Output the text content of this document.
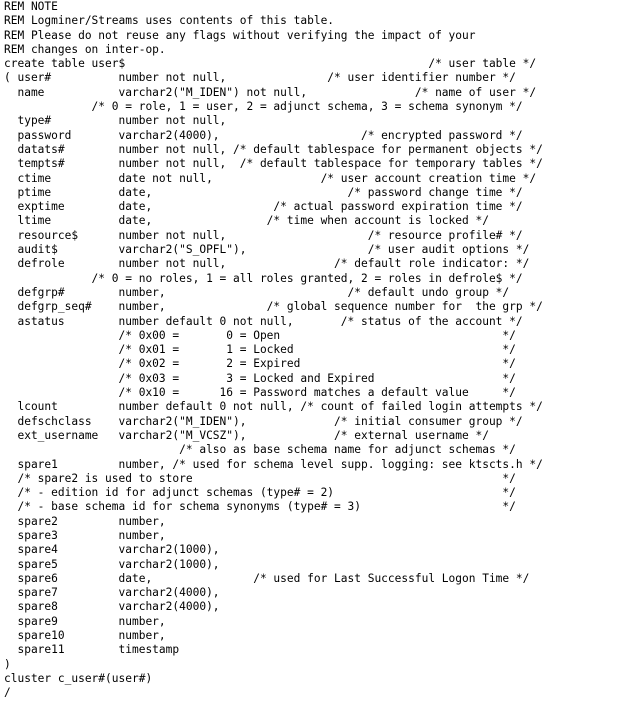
REM NOTE
REM Logminer/Streams uses contents of this table.
REM Please do not reuse any flags without verifying the impact of your
REM changes on inter-op.
create table user$                                             /* user table */
( user#          number not null,               /* user identifier number */
name           varchar2("M_IDEN") not null,                /* name of user */
/* 0 = role, 1 = user, 2 = adjunct schema, 3 = schema synonym */
type#          number not null,
password       varchar2(4000),                     /* encrypted password */
datats#        number not null, /* default tablespace for permanent objects */
tempts#        number not null,  /* default tablespace for temporary tables */
ctime          date not null,                /* user account creation time */
ptime          date,                             /* password change time */
exptime        date,                  /* actual password expiration time */
ltime          date,                 /* time when account is locked */
resource$      number not null,                     /* resource profile# */
audit$         varchar2("S_OPFL"),                  /* user audit options */
defrole        number not null,                /* default role indicator: */
/* 0 = no roles, 1 = all roles granted, 2 = roles in defrole$ */
defgrp#        number,                           /* default undo group */
defgrp_seq#    number,               /* global sequence number for  the grp */
astatus        number default 0 not null,       /* status of the account */
/* 0x00 =       0 = Open                                 */
/* 0x01 =       1 = Locked                               */
/* 0x02 =       2 = Expired                              */
/* 0x03 =       3 = Locked and Expired                   */
/* 0x10 =      16 = Password matches a default value     */
lcount         number default 0 not null, /* count of failed login attempts */
defschclass    varchar2("M_IDEN"),             /* initial consumer group */
ext_username   varchar2("M_VCSZ"),             /* external username */
/* also as base schema name for adjunct schemas */
spare1         number, /* used for schema level supp. logging: see ktscts.h */
/* spare2 is used to store                                              */
/* - edition id for adjunct schemas (type# = 2)                         */
/* - base schema id for schema synonyms (type# = 3)                     */
spare2         number,
spare3         number,
spare4         varchar2(1000),
spare5         varchar2(1000),
spare6         date,               /* used for Last Successful Logon Time */
spare7         varchar2(4000),
spare8         varchar2(4000),
spare9         number,
spare10        number,
spare11        timestamp
)
cluster c_user#(user#)
/
